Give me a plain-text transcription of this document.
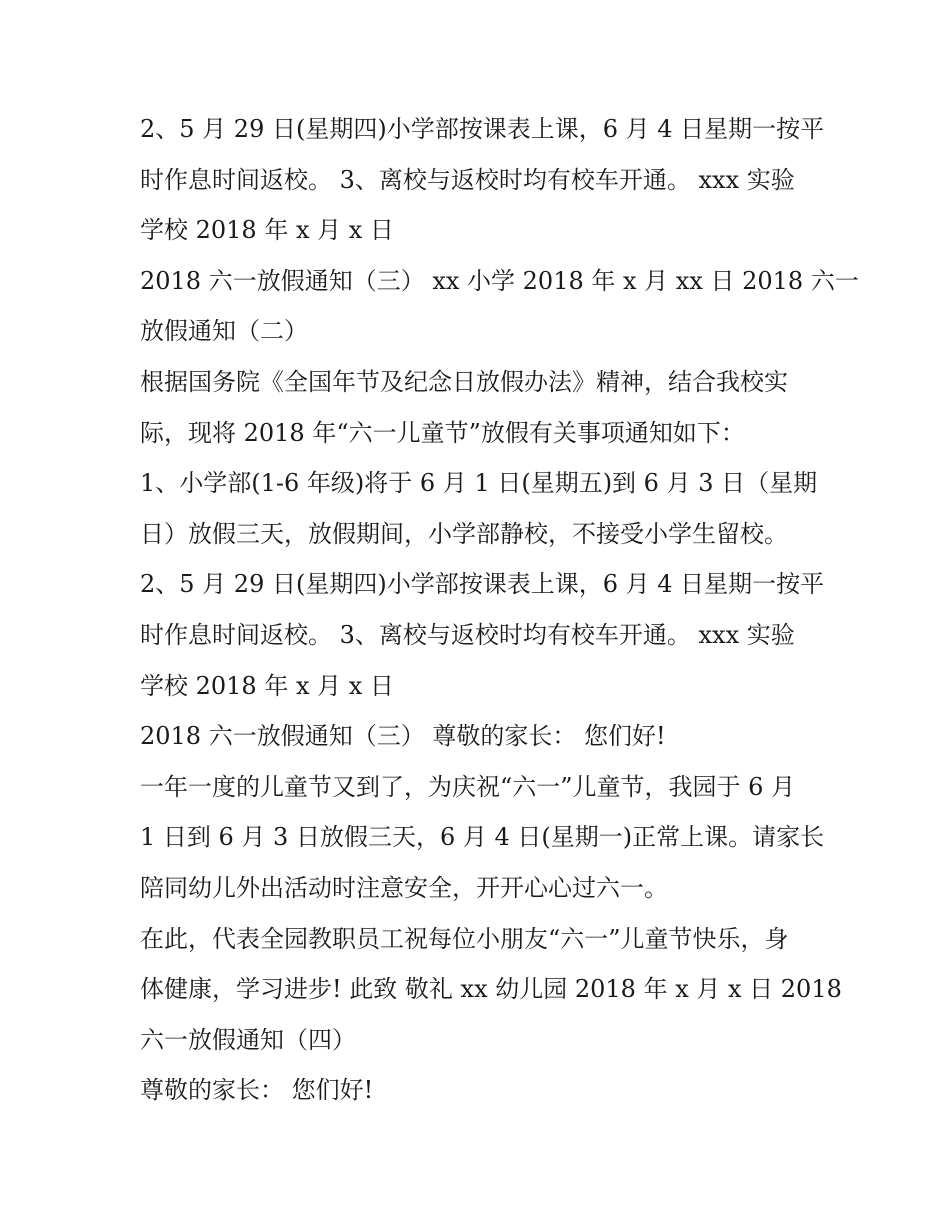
2、5 月 29 日(星期四)小学部按课表上课，6 月 4 日星期一按平
时作息时间返校。 3、离校与返校时均有校车开通。 xxx 实验
学校 2018 年 x 月 x 日
2018 六一放假通知（三） xx 小学 2018 年 x 月 xx 日 2018 六一
放假通知（二）
根据国务院《全国年节及纪念日放假办法》精神，结合我校实
际，现将 2018 年“六一儿童节”放假有关事项通知如下：
1、小学部(1-6 年级)将于 6 月 1 日(星期五)到 6 月 3 日（星期
日）放假三天，放假期间，小学部静校，不接受小学生留校。
2、5 月 29 日(星期四)小学部按课表上课，6 月 4 日星期一按平
时作息时间返校。 3、离校与返校时均有校车开通。 xxx 实验
学校 2018 年 x 月 x 日
2018 六一放假通知（三） 尊敬的家长： 您们好!
一年一度的儿童节又到了，为庆祝“六一”儿童节，我园于 6 月
1 日到 6 月 3 日放假三天，6 月 4 日(星期一)正常上课。请家长
陪同幼儿外出活动时注意安全，开开心心过六一。
在此，代表全园教职员工祝每位小朋友“六一”儿童节快乐，身
体健康，学习进步! 此致 敬礼 xx 幼儿园 2018 年 x 月 x 日 2018
六一放假通知（四）
尊敬的家长： 您们好!
